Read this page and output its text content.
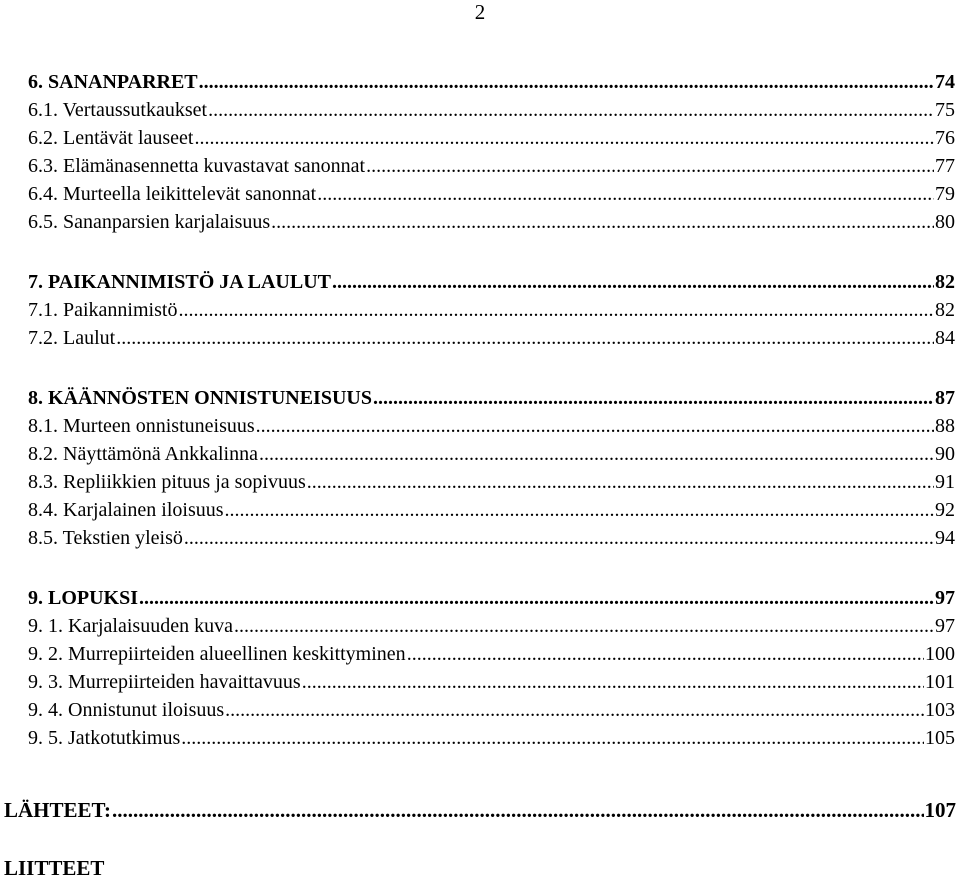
2
6. SANANPARRET .....	74
6.1. Vertaussutkaukset .....	75
6.2. Lentävät lauseet .....	76
6.3. Elämänasennetta kuvastavat sanonnat .....	77
6.4. Murteella leikittelevät sanonnat .....	79
6.5. Sananparsien karjalaisuus .....	80
7. PAIKANNIMISTÖ JA LAULUT .....	82
7.1. Paikannimistö .....	82
7.2. Laulut .....	84
8. KÄÄNNÖSTEN ONNISTUNEISUUS .....	87
8.1. Murteen onnistuneisuus .....	88
8.2. Näyttämönä Ankkalinna .....	90
8.3. Repliikkien pituus ja sopivuus .....	91
8.4. Karjalainen iloisuus .....	92
8.5. Tekstien yleisö .....	94
9. LOPUKSI .....	97
9. 1. Karjalaisuuden kuva .....	97
9. 2. Murrepiirteiden alueellinen keskittyminen .....	100
9. 3. Murrepiirteiden havaittavuus .....	101
9. 4. Onnistunut iloisuus .....	103
9. 5. Jatkotutkimus .....	105
LÄHTEET: .....	107
LIITTEET
